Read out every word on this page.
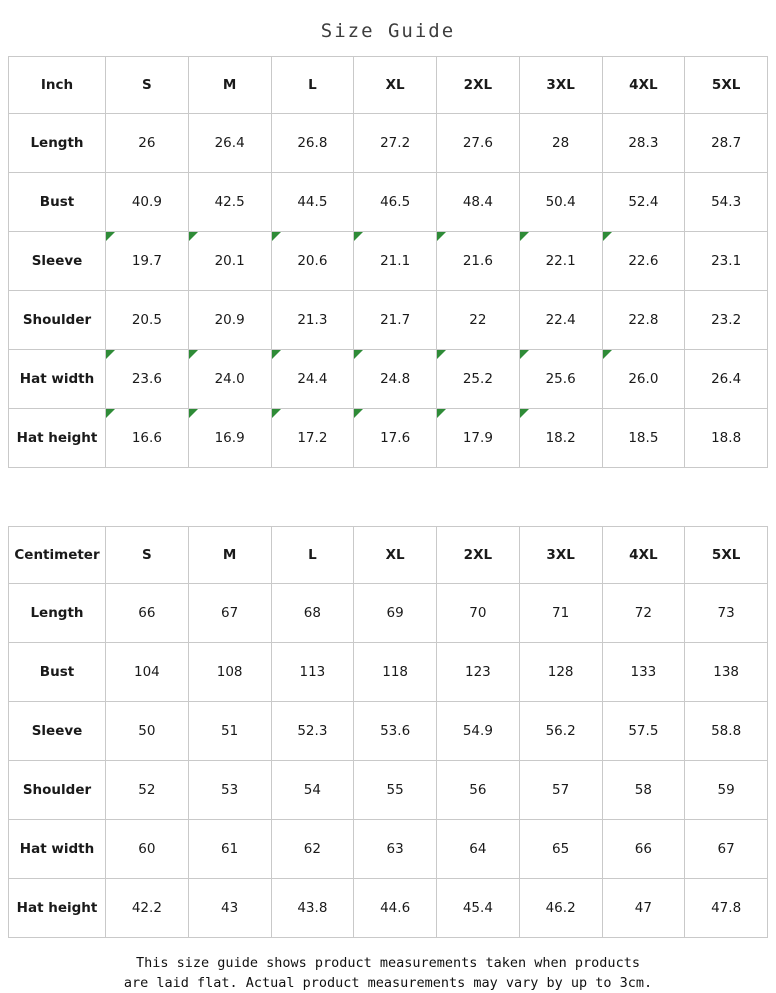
Size Guide
Inch	S	M	L	XL	2XL	3XL	4XL	5XL
Length	26	26.4	26.8	27.2	27.6	28	28.3	28.7
Bust	40.9	42.5	44.5	46.5	48.4	50.4	52.4	54.3
Sleeve	19.7	20.1	20.6	21.1	21.6	22.1	22.6	23.1
Shoulder	20.5	20.9	21.3	21.7	22	22.4	22.8	23.2
Hat width	23.6	24.0	24.4	24.8	25.2	25.6	26.0	26.4
Hat height	16.6	16.9	17.2	17.6	17.9	18.2	18.5	18.8
Centimeter	S	M	L	XL	2XL	3XL	4XL	5XL
Length	66	67	68	69	70	71	72	73
Bust	104	108	113	118	123	128	133	138
Sleeve	50	51	52.3	53.6	54.9	56.2	57.5	58.8
Shoulder	52	53	54	55	56	57	58	59
Hat width	60	61	62	63	64	65	66	67
Hat height	42.2	43	43.8	44.6	45.4	46.2	47	47.8
This size guide shows product measurements taken when products
are laid flat. Actual product measurements may vary by up to 3cm.
